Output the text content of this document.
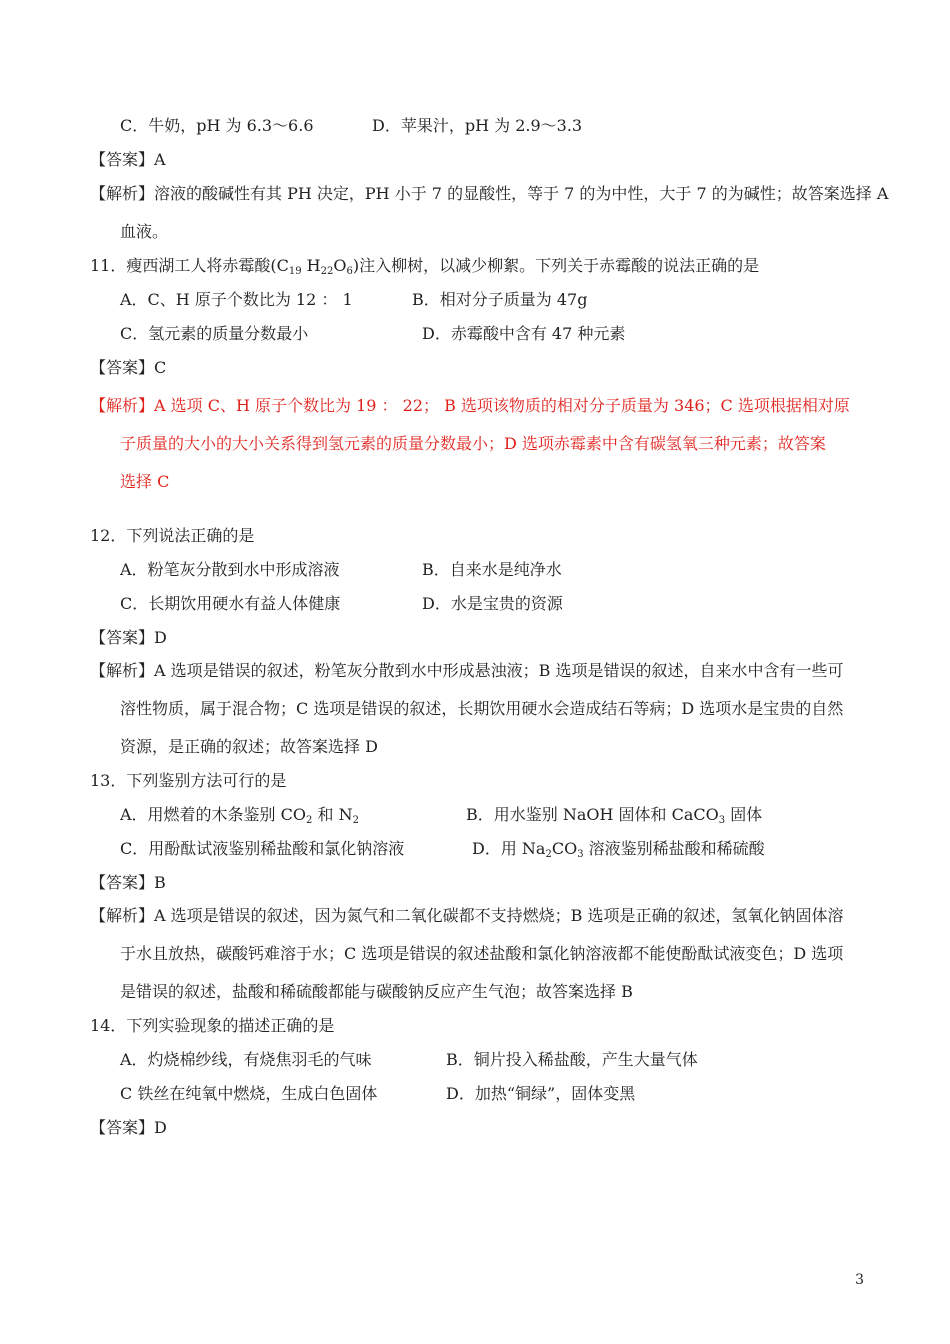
C．牛奶，pH 为 6.3～6.6	D．苹果汁，pH 为 2.9～3.3
【答案】A
【解析】溶液的酸碱性有其 PH 决定，PH 小于 7 的显酸性，等于 7 的为中性，大于 7 的为碱性；故答案选择 A
血液。
11．瘦西湖工人将赤霉酸($C_{19}$ $H_{22}O_6$)注入柳树，以减少柳絮。下列关于赤霉酸的说法正确的是
A．C、H 原子个数比为 12 ： 1	B．相对分子质量为 47g
C．氢元素的质量分数最小	D．赤霉酸中含有 47 种元素
【答案】C
【解析】A 选项 C、H 原子个数比为 19 ： 22； B 选项该物质的相对分子质量为 346；C 选项根据相对原
子质量的大小的大小关系得到氢元素的质量分数最小；D 选项赤霉素中含有碳氢氧三种元素；故答案
选择 C
12．下列说法正确的是
A．粉笔灰分散到水中形成溶液	B．自来水是纯净水
C．长期饮用硬水有益人体健康	D．水是宝贵的资源
【答案】D
【解析】A 选项是错误的叙述，粉笔灰分散到水中形成悬浊液；B 选项是错误的叙述，自来水中含有一些可
溶性物质，属于混合物；C 选项是错误的叙述，长期饮用硬水会造成结石等病；D 选项水是宝贵的自然
资源，是正确的叙述；故答案选择 D
13．下列鉴别方法可行的是
A．用燃着的木条鉴别 $CO_2$ 和 $N_2$	B．用水鉴别 NaOH 固体和 CaCO$_3$ 固体
C．用酚酞试液鉴别稀盐酸和氯化钠溶液	D．用 $Na_2CO_3$ 溶液鉴别稀盐酸和稀硫酸
【答案】B
【解析】A 选项是错误的叙述，因为氮气和二氧化碳都不支持燃烧；B 选项是正确的叙述，氢氧化钠固体溶
于水且放热，碳酸钙难溶于水；C 选项是错误的叙述盐酸和氯化钠溶液都不能使酚酞试液变色；D 选项
是错误的叙述，盐酸和稀硫酸都能与碳酸钠反应产生气泡；故答案选择 B
14．下列实验现象的描述正确的是
A．灼烧棉纱线，有烧焦羽毛的气味	B．铜片投入稀盐酸，产生大量气体
C 铁丝在纯氧中燃烧，生成白色固体	D．加热“铜绿”，固体变黑
【答案】D
3
